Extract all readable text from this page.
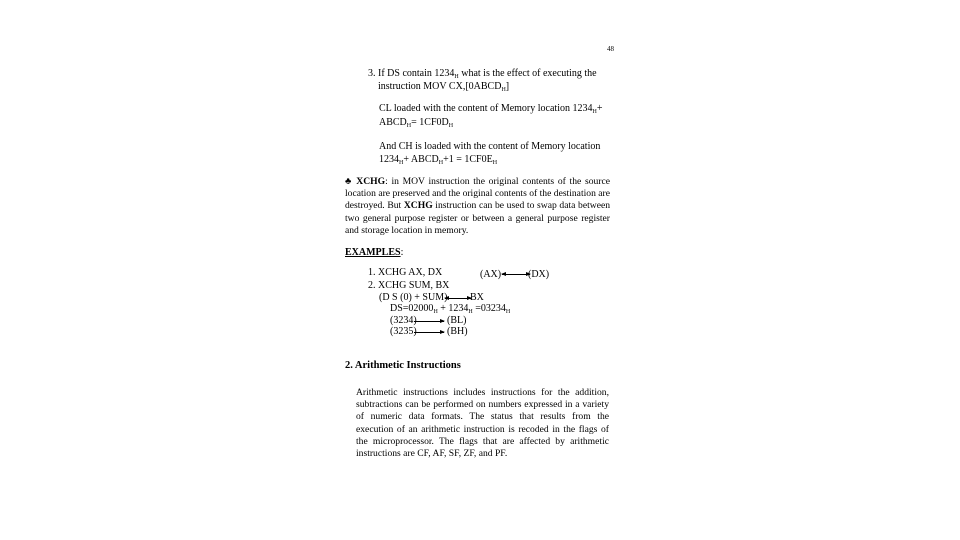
48
3. If DS contain $1234_H$ what is the effect of executing the
instruction MOV $CX,[0ABCD_H]$
CL loaded with the content of Memory location $1234_H+$
$ABCD_H= 1CF0D_H$
And CH is loaded with the content of Memory location
$1234_H+$ $ABCD_H+1 = 1CF0E_H$
♣ XCHG: in MOV instruction the original contents of the source location are preserved and the original contents of the destination are destroyed. But XCHG instruction can be used to swap data between two general purpose register or between a general purpose register and storage location in memory.
EXAMPLES:
1. XCHG AX, DX	(AX)	(DX)
2. XCHG SUM, BX
(D S (0) + SUM) BX
$DS=02000_H + 1234_H =03234_H$
(3234)	(BL)
(3235)	(BH)
2. Arithmetic Instructions
Arithmetic instructions includes instructions for the addition, subtractions can be performed on numbers expressed in a variety of numeric data formats. The status that results from the execution of an arithmetic instruction is recoded in the flags of the microprocessor. The flags that are affected by arithmetic instructions are CF, AF, SF, ZF, and PF.
